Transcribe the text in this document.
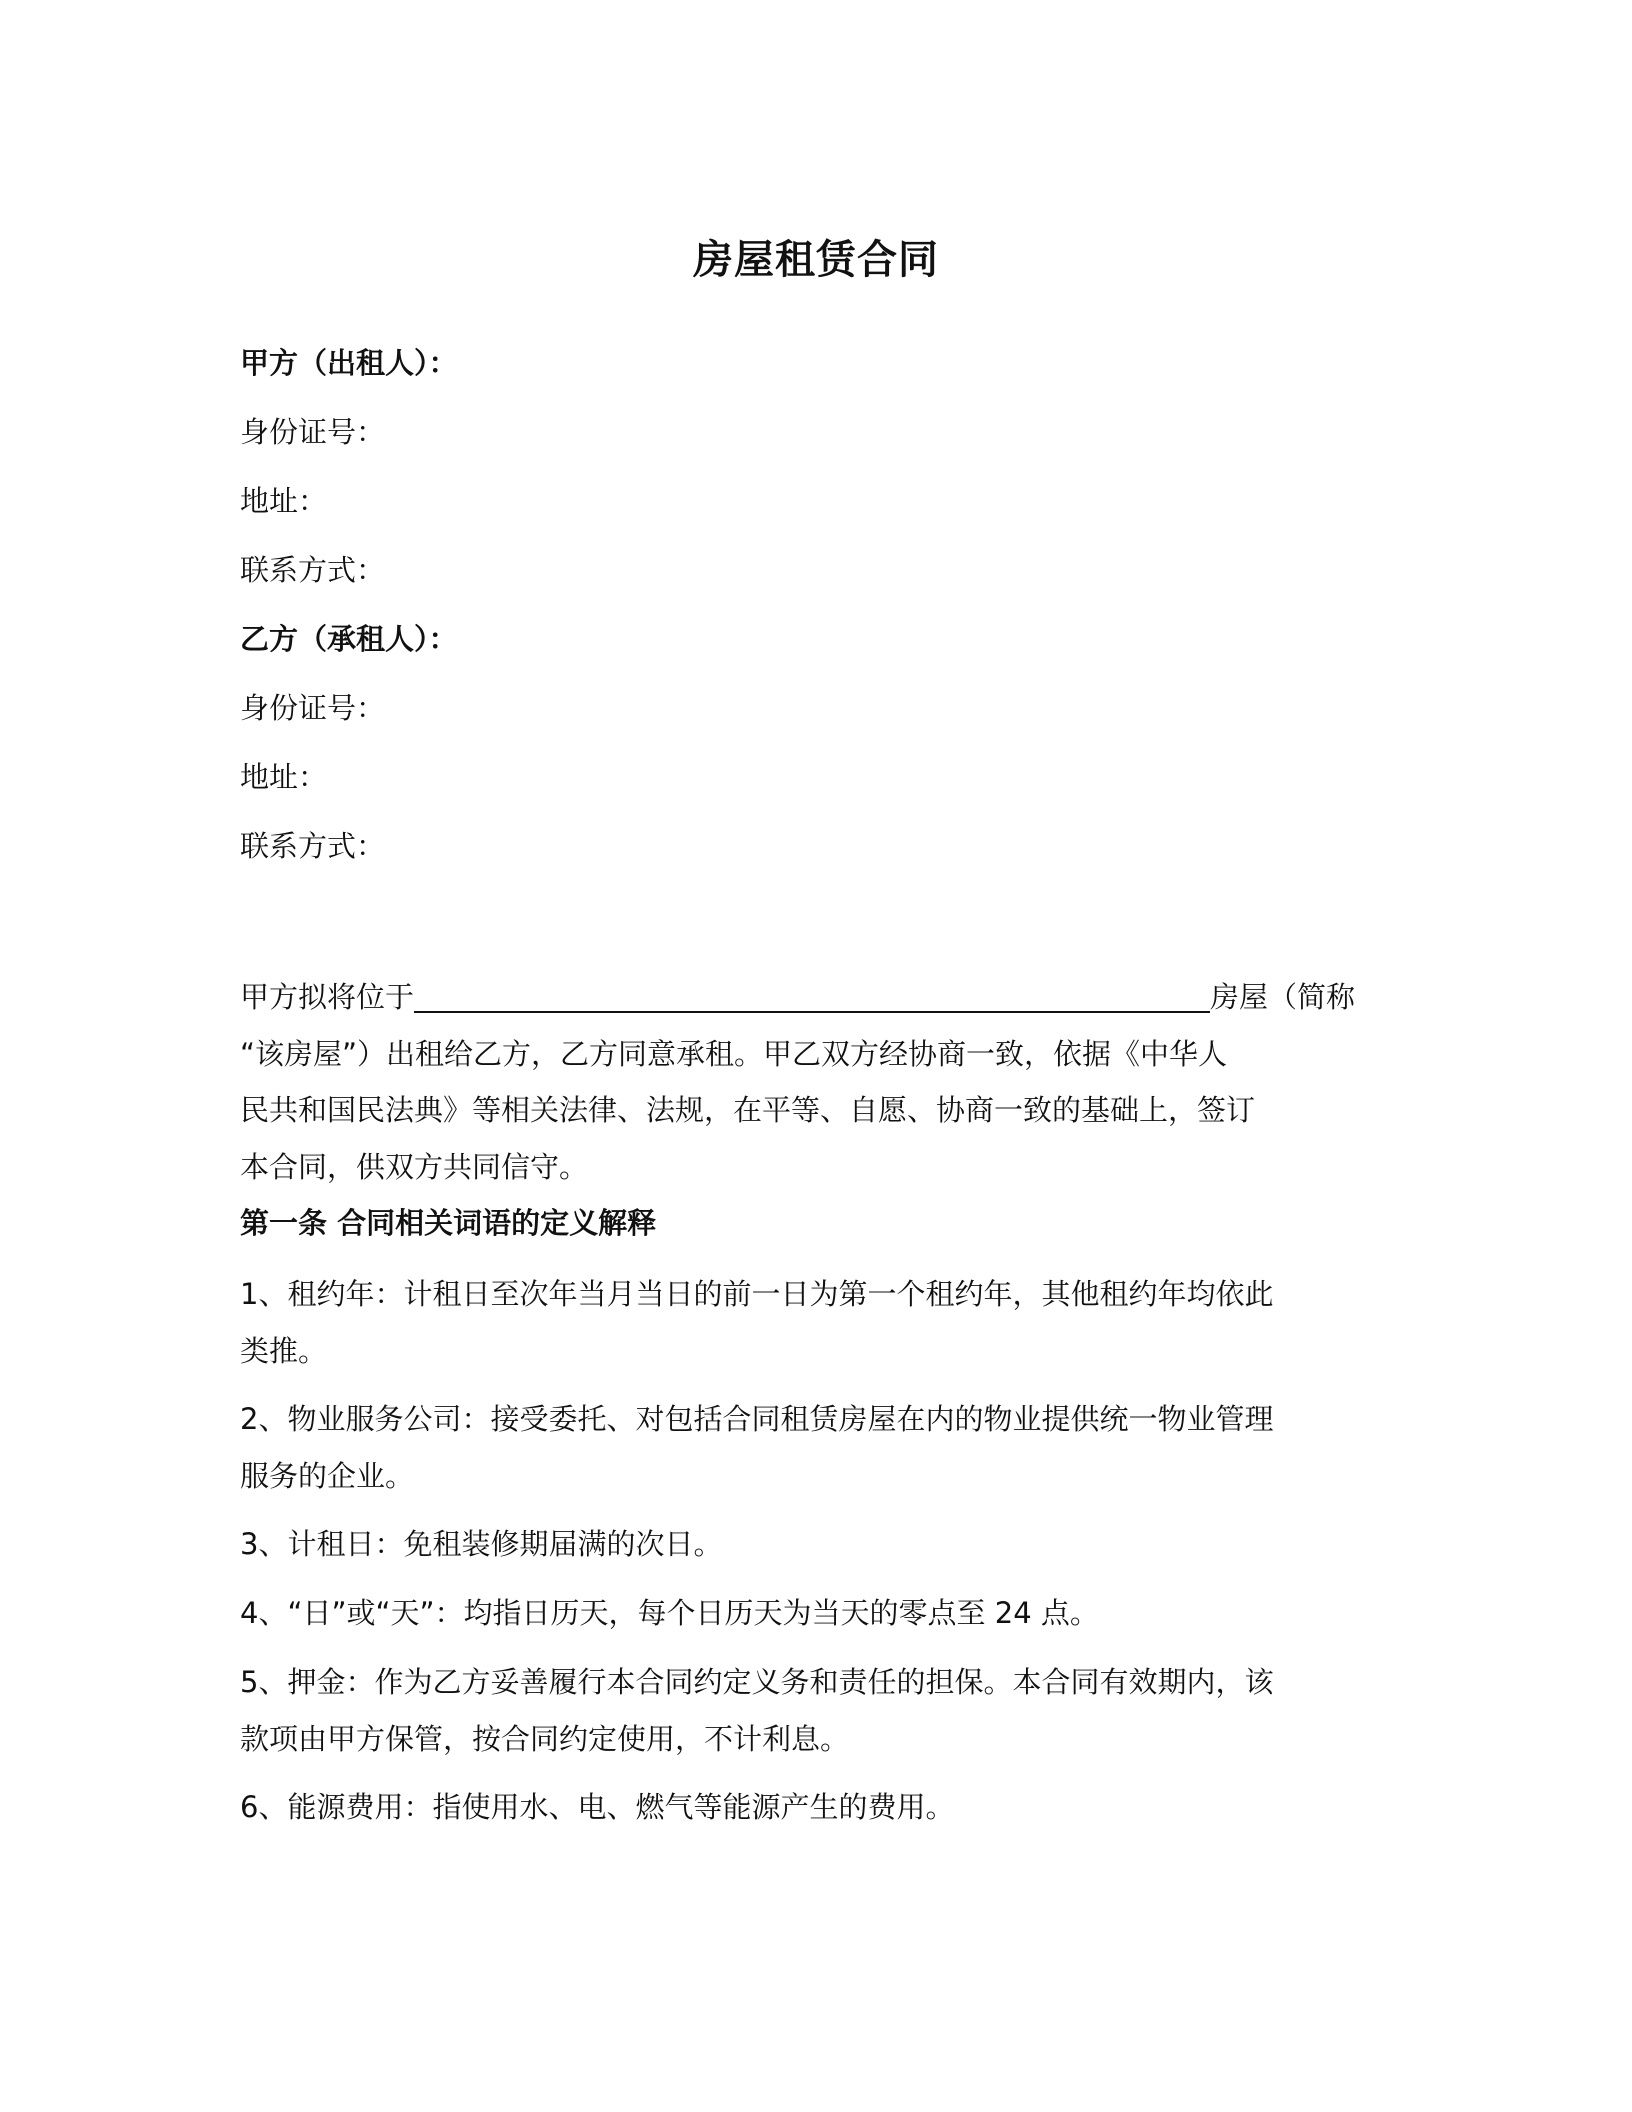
房屋租赁合同
甲方（出租人）：
身份证号：
地址：
联系方式：
乙方（承租人）：
身份证号：
地址：
联系方式：
甲方拟将位于	房屋（简称
“该房屋”）出租给乙方，乙方同意承租。甲乙双方经协商一致，依据《中华人
民共和国民法典》等相关法律、法规，在平等、自愿、协商一致的基础上，签订
本合同，供双方共同信守。
第一条 合同相关词语的定义解释
1、租约年：计租日至次年当月当日的前一日为第一个租约年，其他租约年均依此
类推。
2、物业服务公司：接受委托、对包括合同租赁房屋在内的物业提供统一物业管理
服务的企业。
3、计租日：免租装修期届满的次日。
4、“日”或“天”：均指日历天，每个日历天为当天的零点至 24 点。
5、押金：作为乙方妥善履行本合同约定义务和责任的担保。本合同有效期内，该
款项由甲方保管，按合同约定使用，不计利息。
6、能源费用：指使用水、电、燃气等能源产生的费用。
